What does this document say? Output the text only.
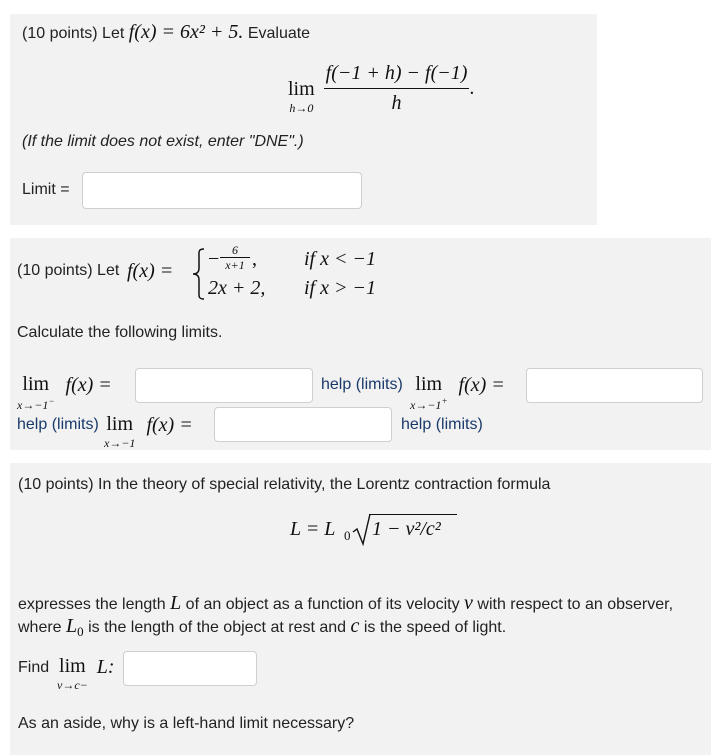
(10 points) Let f(x) = 6x² + 5. Evaluate
lim
h→0
$\frac{f(-1 + h) - f(-1)}{h}$ .
(If the limit does not exist, enter "DNE".)
Limit =
(10 points) Let f(x) =
− $\frac{6}{x+1}$ , if x < −1
2x + 2, if x > −1
Calculate the following limits.
lim
x→−1−
f(x) =	help (limits) lim
x→−1+
f(x) =
help (limits) lim
x→−1
f(x) =	help (limits)
(10 points) In the theory of special relativity, the Lorentz contraction formula
L = L 0 1 − v²/c²
expresses the length L of an object as a function of its velocity v with respect to an observer,
where $L_0$ is the length of the object at rest and c is the speed of light.
Find lim
v→c−
L:
As an aside, why is a left-hand limit necessary?
